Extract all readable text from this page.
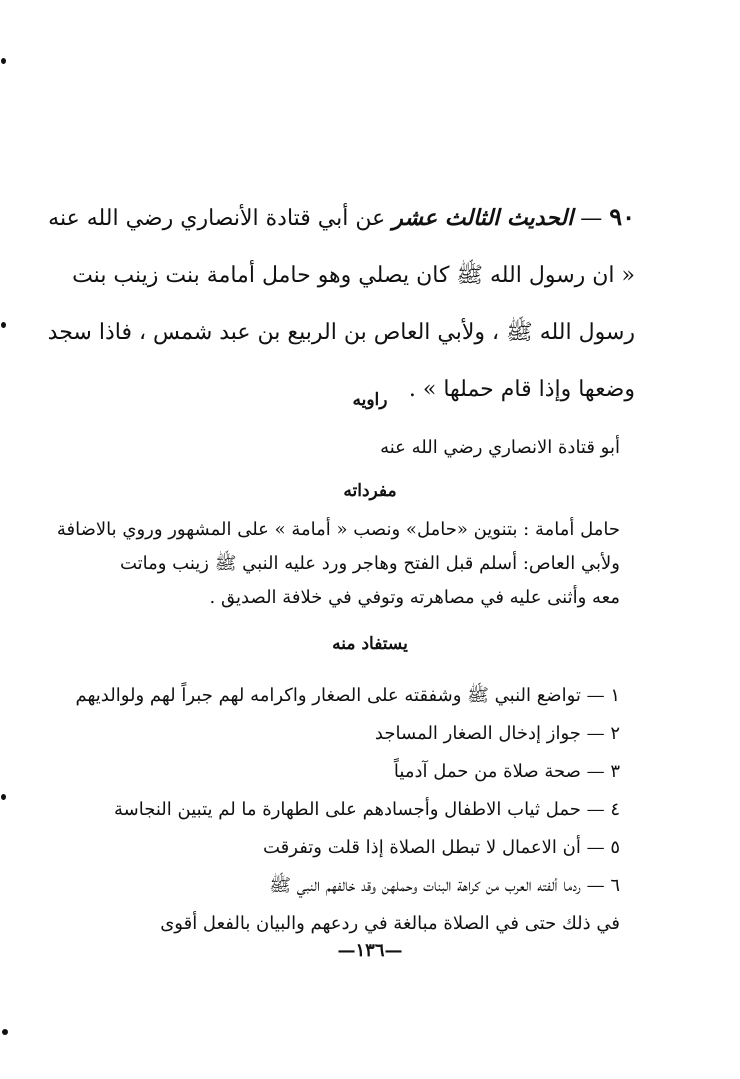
٩٠ — الحديث الثالث عشر عن أبي قتادة الأنصاري رضي الله عنه

« ان رسول الله ﷺ كان يصلي وهو حامل أمامة بنت زينب بنت

رسول الله ﷺ ، ولأبي العاص بن الربيع بن عبد شمس ، فاذا سجد

وضعها وإذا قام حملها » .

راويه

أبو قتادة الانصاري رضي الله عنه

مفرداته

حامل أمامة : بتنوين «حامل» ونصب « أمامة » على المشهور وروي بالاضافة

ولأبي العاص: أسلم قبل الفتح وهاجر ورد عليه النبي ﷺ زينب وماتت

معه وأثنى عليه في مصاهرته وتوفي في خلافة الصديق .

يستفاد منه

١ — تواضع النبي ﷺ وشفقته على الصغار واكرامه لهم جبراً لهم ولوالديهم

٢ — جواز إدخال الصغار المساجد

٣ — صحة صلاة من حمل آدمياً

٤ — حمل ثياب الاطفال وأجسادهم على الطهارة ما لم يتبين النجاسة

٥ — أن الاعمال لا تبطل الصلاة إذا قلت وتفرقت

٦ — ردما ألفته العرب من كراهة البنات وحملهن وقد خالفهم النبي ﷺ

في ذلك حتى في الصلاة مبالغة في ردعهم والبيان بالفعل أقوى

—١٣٦—
